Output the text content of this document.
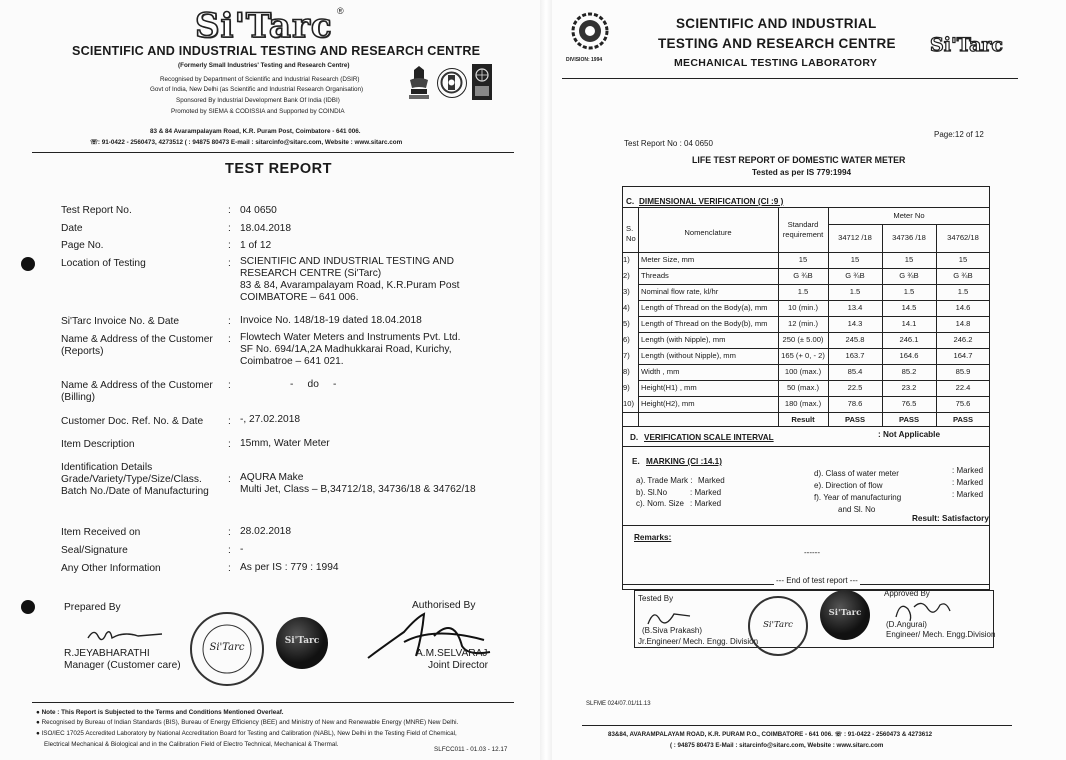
Si'Tarc ®
SCIENTIFIC AND INDUSTRIAL TESTING AND RESEARCH CENTRE
(Formerly Small Industries' Testing and Research Centre)
Recognised by Department of Scientific and Industrial Research (DSIR)
Govt of India, New Delhi (as Scientific and Industrial Research Organisation)
Sponsored By Industrial Development Bank Of India (IDBI)
Promoted by SIEMA & CODISSIA and Supported by COINDIA
83 & 84 Avarampalayam Road, K.R. Puram Post, Coimbatore - 641 006.
☏: 91-0422 - 2560473, 4273512 ( : 94875 80473 E-mail : sitarcinfo@sitarc.com, Website : www.sitarc.com
TEST REPORT
Test Report No.	: 04 0650
Date	: 18.04.2018
Page No.	: 1 of 12
Location of Testing	: SCIENTIFIC AND INDUSTRIAL TESTING AND
RESEARCH CENTRE (Si'Tarc)
83 & 84, Avarampalayam Road, K.R.Puram Post
COIMBATORE – 641 006.
Si'Tarc Invoice No. & Date	: Invoice No. 148/18-19 dated 18.04.2018
Name & Address of the Customer
(Reports)
: Flowtech Water Meters and Instruments Pvt. Ltd.
SF No. 694/1A,2A Madhukkarai Road, Kurichy,
Coimbatroe – 641 021.
Name & Address of the Customer
(Billing)
:	-     do     -
Customer Doc. Ref. No. & Date : -, 27.02.2018
Item Description	: 15mm, Water Meter
Identification Details
Grade/Variety/Type/Size/Class.
Batch No./Date of Manufacturing
: AQURA Make
Multi Jet, Class – B,34712/18, 34736/18 & 34762/18
Item Received on	: 28.02.2018
Seal/Signature	: -
Any Other Information	: As per IS : 779 : 1994
Prepared By
R.JEYABHARATHI
Manager (Customer care)
Si'Tarc
Si'Tarc
Authorised By
A.M.SELVARAJ
Joint Director
● Note : This Report is Subjected to the Terms and Conditions Mentioned Overleaf.
● Recognised by Bureau of Indian Standards (BIS), Bureau of Energy Efficiency (BEE) and Ministry of New and Renewable Energy (MNRE) New Delhi.
● ISO/IEC 17025 Accredited Laboratory by National Accreditation Board for Testing and Calibration (NABL), New Delhi in the Testing Field of Chemical,
Electrical Mechanical & Biological and in the Calibration Field of Electro Technical, Mechanical & Thermal.
SLFCC011 - 01.03 - 12.17
DIVISION: 1994
SCIENTIFIC AND INDUSTRIAL
TESTING AND RESEARCH CENTRE
MECHANICAL TESTING LABORATORY
Si'Tarc
Test Report No : 04 0650
Page:12 of 12
LIFE TEST REPORT OF DOMESTIC WATER METER
Tested as per IS 779:1994
C. DIMENSIONAL VERIFICATION (Cl :9 )
S.
No
Nomenclature
Standard
requirement
Meter No
34712 /18	34736 /18	34762/18
1)	Meter Size, mm	15	15	15	15
2)	Threads	G ¾B	G ¾B	G ¾B	G ¾B
3)	Nominal flow rate, kl/hr	1.5	1.5	1.5	1.5
4)	Length of Thread on the Body(a), mm	10 (min.)	13.4	14.5	14.6
5)	Length of Thread on the Body(b), mm	12 (min.)	14.3	14.1	14.8
6)	Length (with Nipple), mm	250 (± 5.00)	245.8	246.1	246.2
7)	Length (without Nipple), mm	165 (+ 0, - 2)	163.7	164.6	164.7
8)	Width , mm	100 (max.)	85.4	85.2	85.9
9)	Height(H1) , mm	50 (max.)	22.5	23.2	22.4
10) Height(H2), mm	180 (max.)	78.6	76.5	75.6
Result	PASS	PASS	PASS
D. VERIFICATION SCALE INTERVAL	: Not Applicable
E. MARKING (Cl :14.1)
a). Trade Mark : Marked
b). Sl.No	: Marked
c). Nom. Size : Marked
d). Class of water meter	: Marked
e). Direction of flow	: Marked
f). Year of manufacturing	: Marked
and Sl. No
Result: Satisfactory
Remarks:
------
--- End of test report ---
Tested By
(B.Siva Prakash)
Jr.Engineer/ Mech. Engg. Division
Si'Tarc
Si'Tarc
Approved By
(D.Angurai)
Engineer/ Mech. Engg.Division
SLFME 024/07.01/11.13
83&84, AVARAMPALAYAM ROAD, K.R. PURAM P.O., COIMBATORE - 641 006. ☏ : 91-0422 - 2560473 & 4273612
( : 94875 80473 E-Mail : sitarcinfo@sitarc.com, Website : www.sitarc.com
